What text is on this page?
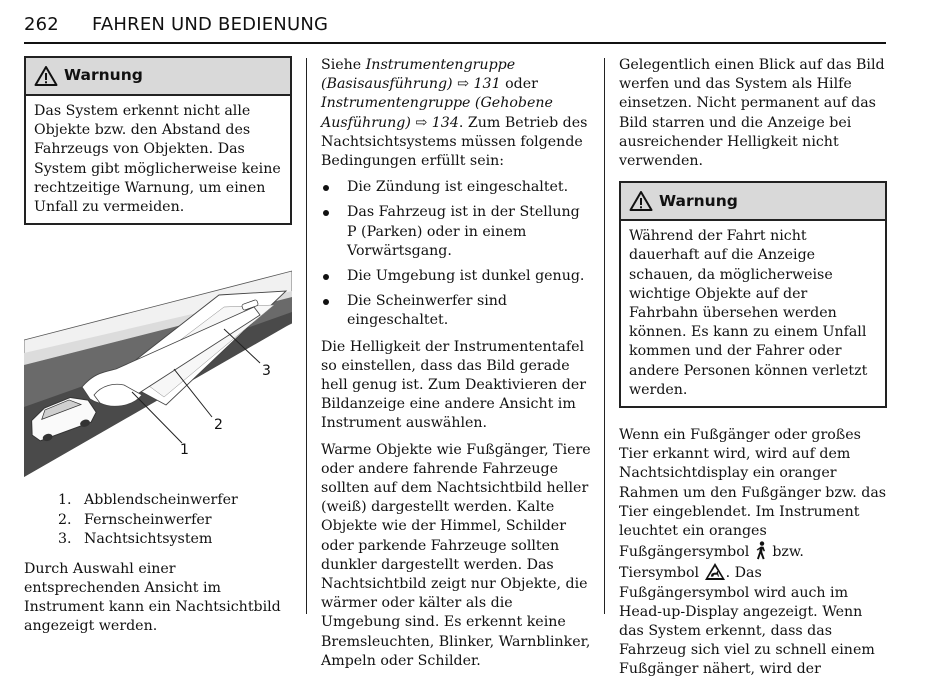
262 FAHREN UND BEDIENUNG
Warnung
Das System erkennt nicht alle Objekte bzw. den Abstand des Fahrzeugs von Objekten. Das System gibt möglicherweise keine rechtzeitige Warnung, um einen Unfall zu vermeiden.
1
2
3
1. Abblendscheinwerfer
2. Fernscheinwerfer
3. Nachtsichtsystem

Durch Auswahl einer entsprechenden Ansicht im Instrument kann ein Nachtsichtbild angezeigt werden.

Siehe Instrumentengruppe (Basisausführung) ⇨ 131 oder Instrumentengruppe (Gehobene Ausführung) ⇨ 134. Zum Betrieb des Nachtsichtsystems müssen folgende Bedingungen erfüllt sein:

Die Zündung ist eingeschaltet.
Das Fahrzeug ist in der Stellung P (Parken) oder in einem Vorwärtsgang.
Die Umgebung ist dunkel genug.
Die Scheinwerfer sind eingeschaltet.

Die Helligkeit der Instrumententafel so einstellen, dass das Bild gerade hell genug ist. Zum Deaktivieren der Bildanzeige eine andere Ansicht im Instrument auswählen.

Warme Objekte wie Fußgänger, Tiere oder andere fahrende Fahrzeuge sollten auf dem Nachtsichtbild heller (weiß) dargestellt werden. Kalte Objekte wie der Himmel, Schilder oder parkende Fahrzeuge sollten dunkler dargestellt werden. Das Nachtsichtbild zeigt nur Objekte, die wärmer oder kälter als die Umgebung sind. Es erkennt keine Bremsleuchten, Blinker, Warnblinker, Ampeln oder Schilder.

Gelegentlich einen Blick auf das Bild werfen und das System als Hilfe einsetzen. Nicht permanent auf das Bild starren und die Anzeige bei ausreichender Helligkeit nicht verwenden.

Warnung
Während der Fahrt nicht dauerhaft auf die Anzeige schauen, da möglicherweise wichtige Objekte auf der Fahrbahn übersehen werden können. Es kann zu einem Unfall kommen und der Fahrer oder andere Personen können verletzt werden.

Wenn ein Fußgänger oder großes Tier erkannt wird, wird auf dem Nachtsichtdisplay ein oranger Rahmen um den Fußgänger bzw. das Tier eingeblendet. Im Instrument leuchtet ein oranges Fußgängersymbol  bzw. Tiersymbol . Das Fußgängersymbol wird auch im Head-up-Display angezeigt. Wenn das System erkennt, dass das Fahrzeug sich viel zu schnell einem Fußgänger nähert, wird der
